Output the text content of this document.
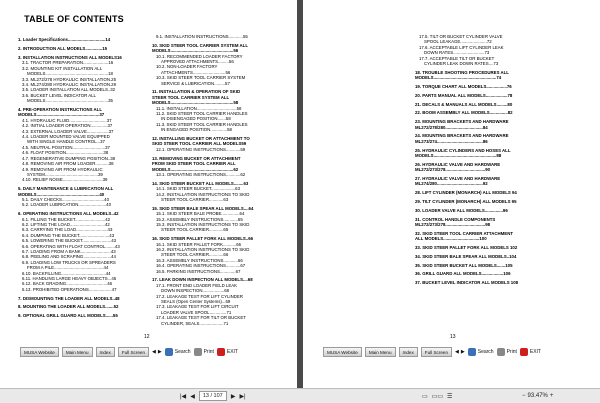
TABLE OF CONTENTS
1. Loader Specifications...............................14
2. INTRODUCTION ALL MODELS..............15
3. INSTALLATION INSTRUCTIONS ALL MODELS16
3.1. TRACTOR PREPARATION.....................16
3.2. MOUNTING KIT INSTALLATION ALL
MODELS....................................................18
3.3. ML272/278 HYDRAULIC INSTALLATION.25
3.4. ML274/280 HYDRAULIC INSTALLATION.29
3.5. LOADER INSTALLATION ALL MODELS..32
3.6. BUCKET LEVEL INDICATOR ALL
MODELS....................................................35
4. PRE-OPERATION INSTRUCTIONS ALL
MODELS....................................................37
4.1. HYDRAULIC FLUID...............................37
4.2. INITIAL LOADER OPERATION..............37
4.3. EXTERNAL LOADER VALVE..................37
4.4. LOADER MOUNTED VALVE EQUIPPED
WITH SINGLE HANDLE CONTROL...37
4.5. NEUTRAL POSITION...........................37
4.6. FLOAT POSITION...............................38
4.7. REGENERATIVE DUMPING POSITION..38
4.8. REMOVING AIR FROM LOADER...........38
4.9. REMOVING AIR FROM HYDRAULIC
SYSTEM............................................39
4.10. RELIEF NOISE.................................39
5. DAILY MAINTENANCE & LUBRICATION ALL
MODELS....................................................40
5.1. DAILY CHECKS...................................40
5.2. LOADER LUBRICATION.......................40
6. OPERATING INSTRUCTIONS ALL MODELS..42
6.1. FILLING THE BUCKET.........................42
6.2. LIFTING THE LOAD.............................42
6.3. CARRYING THE LOAD..........................43
6.4. DUMPING THE BUCKET.........................43
6.5. LOWERING THE BUCKET........................43
6.6. OPERATING WITH FLOAT CONTROL........43
6.7. LOADING FROM A BANK.........................43
6.8. PEELING AND SCRAPING.......................44
6.9. LOADING LOW TRUCKS OR SPREADERS
FROM A PILE.........................................44
6.10. BACKFILLING.....................................44
6.11. HANDLING LARGE HEAVY OBJECTS...45
6.12. BACK GRADING..................................46
6.13. PROHIBITED OPERATIONS...................47
7. DISMOUNTING THE LOADER ALL MODELS..48
8. MOUNTING THE LOADER ALL MODELS.......52
9. OPTIONAL GRILL GUARD ALL MODELS......55
9.1. INSTALLATION INSTRUCTIONS............55
10. SKID STEER TOOL CARRIER SYSTEM ALL
MODELS....................................................56
10.1. RECOMMENDED LOADER FACTORY
APPROVED ATTACHMENTS.........56
10.2. NON-LOADER FACTORY
ATTACHMENTS...........................56
10.3. SKID STEER TOOL CARRIER SYSTEM
SERVICE & LUBRICATION.........57
11. INSTALLATION & OPERATION OF SKID
STEER TOOL CARRIER SYSTEM ALL
MODELS....................................................58
11.1. INSTALLATION.................................58
11.2. SKID STEER TOOL CARRIER HANDLES
IN DISENGAGED POSITION.......58
11.3. SKID STEER TOOL CARRIER HANDLES
IN ENGAGED POSITION..............58
12. INSTALLING BUCKET OR ATTACHMENT TO
SKID STEER TOOL CARRIER ALL MODELS59
12.1. OPERATING INSTRUCTIONS............59
13. REMOVING BUCKET OR ATTACHMENT
FROM SKID STEER TOOL CARRIER ALL
MODELS....................................................62
13.1. OPERATING INSTRUCTIONS............62
14. SKID STEER BUCKET ALL MODELS........63
14.1. SKID STEER BUCKET....................63
14.2. INSTALLATION INSTRUCTIONS TO SKID
STEER TOOL CARRIER............63
15. SKID STEER BALE SPEAR ALL MODELS....64
15.1. SKID STEER BALE PROBE...............64
15.2. ASSEMBLY INSTRUCTIONS............65
15.3. INSTALLATION INSTRUCTIONS TO SKID
STEER TOOL CARRIER............65
16. SKID STEER PALLET FORK ALL MODELS..66
16.1. SKID STEER PALLET FORK...........66
16.2. INSTALLATION INSTRUCTIONS TO SKID
STEER TOOL CARRIER............66
16.3. ASSEMBLY INSTRUCTIONS............66
16.4. OPERATING INSTRUCTIONS............67
16.5. PARKING INSTRUCTIONS.............67
17. LEAK DOWN INSPECTION ALL MODELS....68
17.1. FRONT END LOADER FIELD LEAK
DOWN INSPECTION..................68
17.2. LEAKAGE TEST FOR LIFT CYLINDER
SEALS (Open Center Systems)...69
17.3. LEAKAGE TEST FOR LIFT CIRCUIT
LOADER VALVE SPOOL..............71
17.4. LEAKAGE TEST FOR TILT OR BUCKET
CYLINDER, SEALS....................71
12
MUSA Website	Main Menu	Index	Full Screen	◀ ▶	Search	Print	EXIT
17.5. TILT OR BUCKET CYLINDER VALVE
SPOOL LEAKAGE......................72
17.6. ACCEPTABLE LIFT CYLINDER LEAK
DOWN RATES..........................73
17.7. ACCEPTABLE TILT OR BUCKET
CYLINDER LEAK DOWN RATES....73
18. TROUBLE SHOOTING PROCEDURES ALL
MODELS....................................................74
19. TORQUE CHART ALL MODELS.................76
20. PARTS MANUAL ALL MODELS..................78
21. DECALS & MANUALS ALL MODELS.........80
22. BOOM ASSEMBLY ALL MODELS...............82
23. MOUNTING BRACKETS AND HARDWARE
ML272/278/280...............................84
24. MOUNTING BRACKETS AND HARDWARE
ML273/274......................................86
25. HYDRAULIC CYLINDERS AND HOSES ALL
MODELS....................................................88
26. HYDRAULIC VALVE AND HARDWARE
ML272/273/278.................................90
27. HYDRAULIC VALVE AND HARDWARE
ML274/280......................................92
28. LIFT CYLINDER (MONARCH) ALL MODELS 94
29. TILT CYLINDER (MONARCH) ALL MODELS 95
30. LOADER VALVE ALL MODELS...............96
31. CONTROL HANDLE COMPONENTS
ML272/273/278.................................98
32. SKID STEER TOOL CARRIER ATTACHMENT
ALL MODELS..............................100
33. SKID STEER PALLET FORK ALL MODELS 102
34. SKID STEER BALE SPEAR ALL MODELS..104
35. SKID STEER BUCKET ALL MODELS.......105
36. GRILL GUARD ALL MODELS..................106
37. BUCKET LEVEL INDICATOR ALL MODELS 108
13
MUSA Website	Main Menu	Index	Full Screen	◀ ▶	Search	Print	EXIT
|◀ ◀	13 / 107	▶ ▶|	▭ ▭▭ ☰	− 93.47% +
